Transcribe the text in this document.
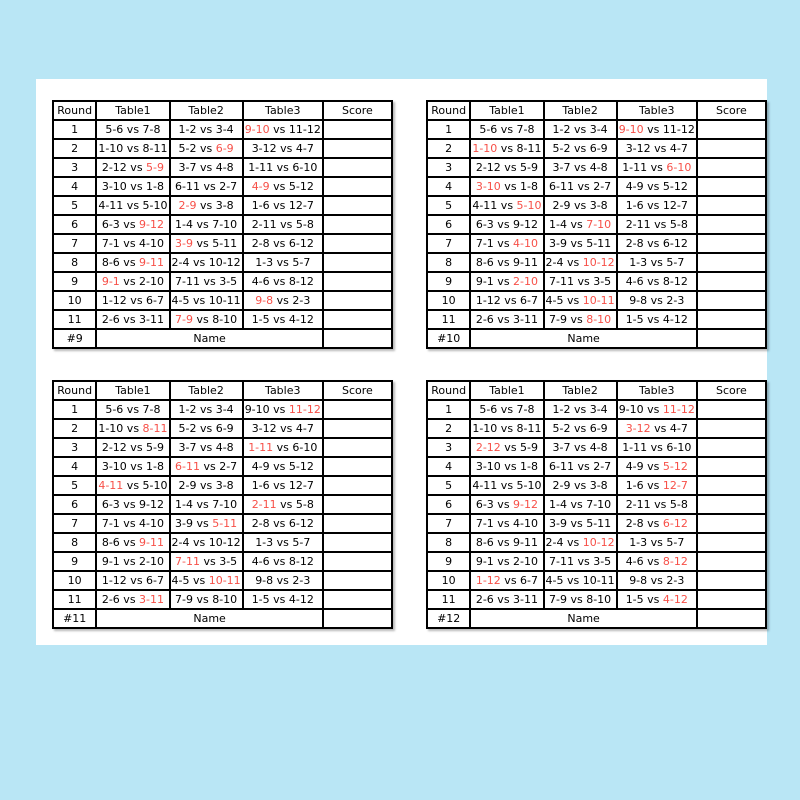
Round	Table1	Table2	Table3	Score
1	5-6 vs 7-8	1-2 vs 3-4	9-10 vs 11-12	
2	1-10 vs 8-11	5-2 vs 6-9	3-12 vs 4-7	
3	2-12 vs 5-9	3-7 vs 4-8	1-11 vs 6-10	
4	3-10 vs 1-8	6-11 vs 2-7	4-9 vs 5-12	
5	4-11 vs 5-10	2-9 vs 3-8	1-6 vs 12-7	
6	6-3 vs 9-12	1-4 vs 7-10	2-11 vs 5-8	
7	7-1 vs 4-10	3-9 vs 5-11	2-8 vs 6-12	
8	8-6 vs 9-11	2-4 vs 10-12	1-3 vs 5-7	
9	9-1 vs 2-10	7-11 vs 3-5	4-6 vs 8-12	
10	1-12 vs 6-7	4-5 vs 10-11	9-8 vs 2-3	
11	2-6 vs 3-11	7-9 vs 8-10	1-5 vs 4-12	
#9	Name			
Round	Table1	Table2	Table3	Score
1	5-6 vs 7-8	1-2 vs 3-4	9-10 vs 11-12	
2	1-10 vs 8-11	5-2 vs 6-9	3-12 vs 4-7	
3	2-12 vs 5-9	3-7 vs 4-8	1-11 vs 6-10	
4	3-10 vs 1-8	6-11 vs 2-7	4-9 vs 5-12	
5	4-11 vs 5-10	2-9 vs 3-8	1-6 vs 12-7	
6	6-3 vs 9-12	1-4 vs 7-10	2-11 vs 5-8	
7	7-1 vs 4-10	3-9 vs 5-11	2-8 vs 6-12	
8	8-6 vs 9-11	2-4 vs 10-12	1-3 vs 5-7	
9	9-1 vs 2-10	7-11 vs 3-5	4-6 vs 8-12	
10	1-12 vs 6-7	4-5 vs 10-11	9-8 vs 2-3	
11	2-6 vs 3-11	7-9 vs 8-10	1-5 vs 4-12	
#10	Name			
Round	Table1	Table2	Table3	Score
1	5-6 vs 7-8	1-2 vs 3-4	9-10 vs 11-12	
2	1-10 vs 8-11	5-2 vs 6-9	3-12 vs 4-7	
3	2-12 vs 5-9	3-7 vs 4-8	1-11 vs 6-10	
4	3-10 vs 1-8	6-11 vs 2-7	4-9 vs 5-12	
5	4-11 vs 5-10	2-9 vs 3-8	1-6 vs 12-7	
6	6-3 vs 9-12	1-4 vs 7-10	2-11 vs 5-8	
7	7-1 vs 4-10	3-9 vs 5-11	2-8 vs 6-12	
8	8-6 vs 9-11	2-4 vs 10-12	1-3 vs 5-7	
9	9-1 vs 2-10	7-11 vs 3-5	4-6 vs 8-12	
10	1-12 vs 6-7	4-5 vs 10-11	9-8 vs 2-3	
11	2-6 vs 3-11	7-9 vs 8-10	1-5 vs 4-12	
#11	Name			
Round	Table1	Table2	Table3	Score
1	5-6 vs 7-8	1-2 vs 3-4	9-10 vs 11-12	
2	1-10 vs 8-11	5-2 vs 6-9	3-12 vs 4-7	
3	2-12 vs 5-9	3-7 vs 4-8	1-11 vs 6-10	
4	3-10 vs 1-8	6-11 vs 2-7	4-9 vs 5-12	
5	4-11 vs 5-10	2-9 vs 3-8	1-6 vs 12-7	
6	6-3 vs 9-12	1-4 vs 7-10	2-11 vs 5-8	
7	7-1 vs 4-10	3-9 vs 5-11	2-8 vs 6-12	
8	8-6 vs 9-11	2-4 vs 10-12	1-3 vs 5-7	
9	9-1 vs 2-10	7-11 vs 3-5	4-6 vs 8-12	
10	1-12 vs 6-7	4-5 vs 10-11	9-8 vs 2-3	
11	2-6 vs 3-11	7-9 vs 8-10	1-5 vs 4-12	
#12	Name			
